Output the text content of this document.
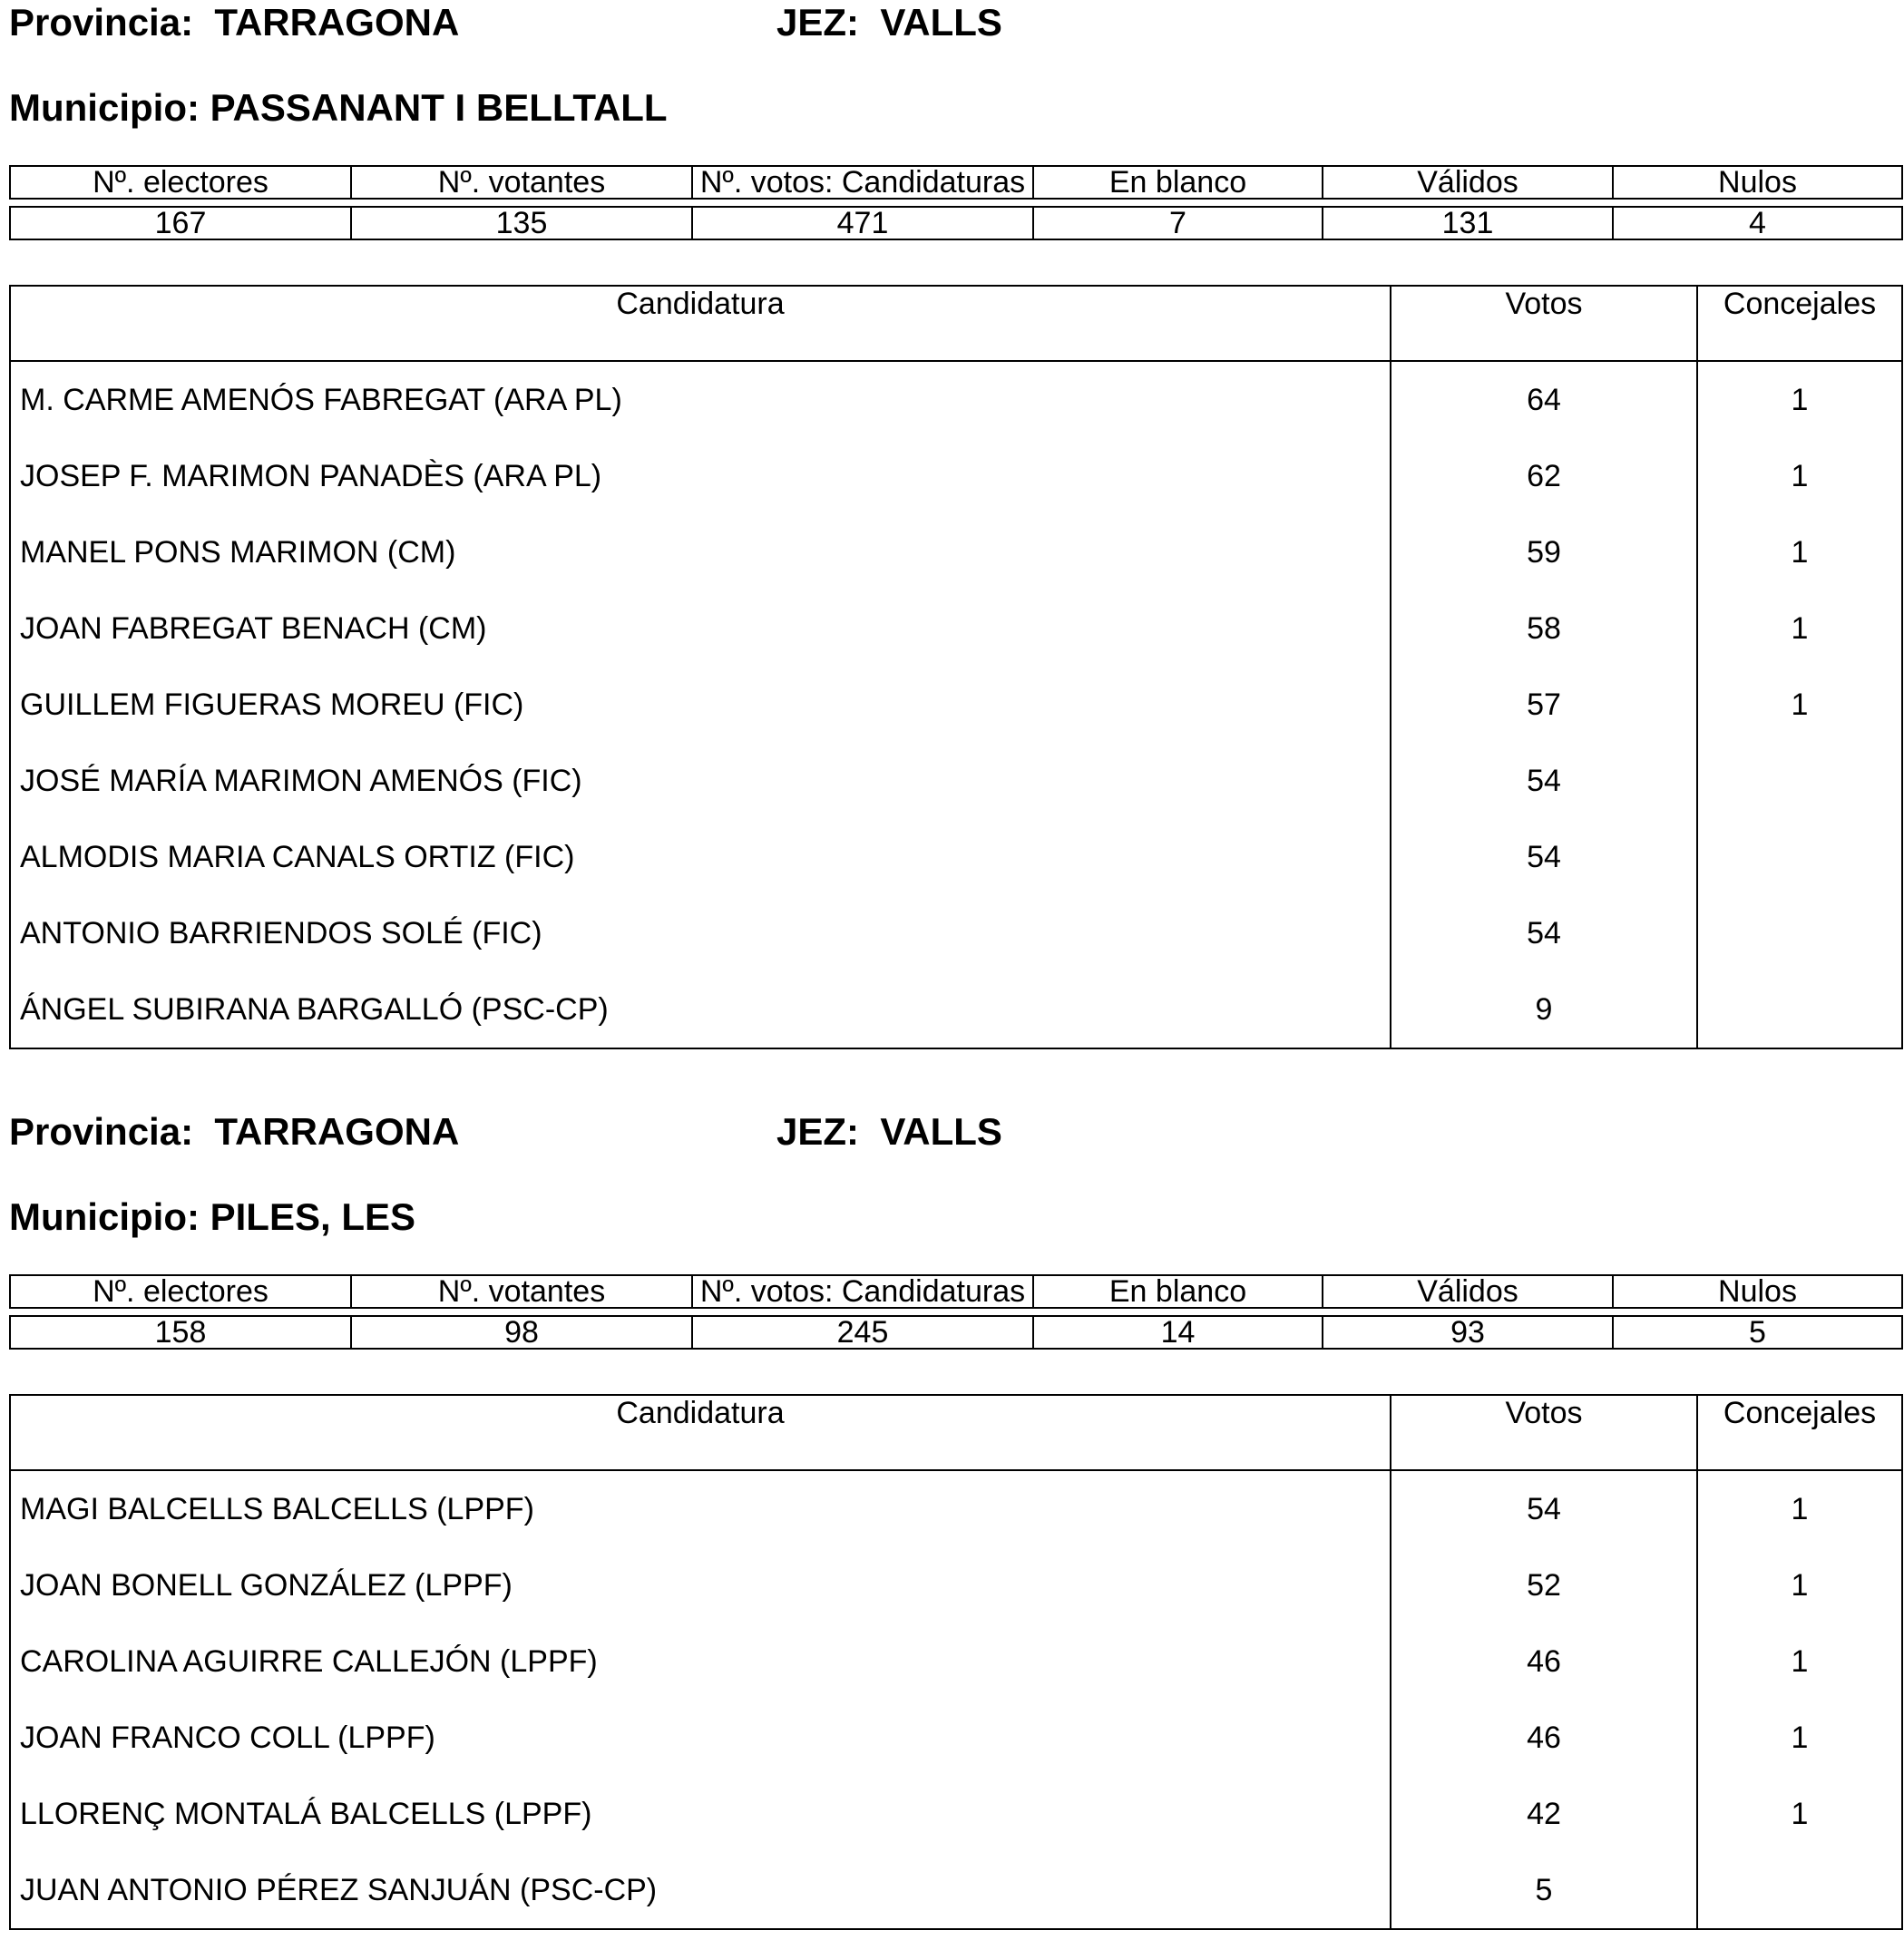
Provincia:  TARRAGONA	JEZ:  VALLS
Municipio: PASSANANT I BELLTALL
Nº. electores	Nº. votantes	Nº. votos: Candidaturas	En blanco	Válidos	Nulos
167	135	471	7	131	4
Candidatura	Votos	Concejales
M. CARME AMENÓS FABREGAT (ARA PL)	64	1
JOSEP F. MARIMON PANADÈS (ARA PL)	62	1
MANEL PONS MARIMON (CM)	59	1
JOAN FABREGAT BENACH (CM)	58	1
GUILLEM FIGUERAS MOREU (FIC)	57	1
JOSÉ MARÍA MARIMON AMENÓS (FIC)	54	
ALMODIS MARIA CANALS ORTIZ (FIC)	54	
ANTONIO BARRIENDOS SOLÉ (FIC)	54	
ÁNGEL SUBIRANA BARGALLÓ (PSC-CP)	9	
Provincia:  TARRAGONA	JEZ:  VALLS
Municipio: PILES, LES
Nº. electores	Nº. votantes	Nº. votos: Candidaturas	En blanco	Válidos	Nulos
158	98	245	14	93	5
Candidatura	Votos	Concejales
MAGI BALCELLS BALCELLS (LPPF)	54	1
JOAN BONELL GONZÁLEZ (LPPF)	52	1
CAROLINA AGUIRRE CALLEJÓN (LPPF)	46	1
JOAN FRANCO COLL (LPPF)	46	1
LLORENÇ MONTALÁ BALCELLS (LPPF)	42	1
JUAN ANTONIO PÉREZ SANJUÁN (PSC-CP)	5	
